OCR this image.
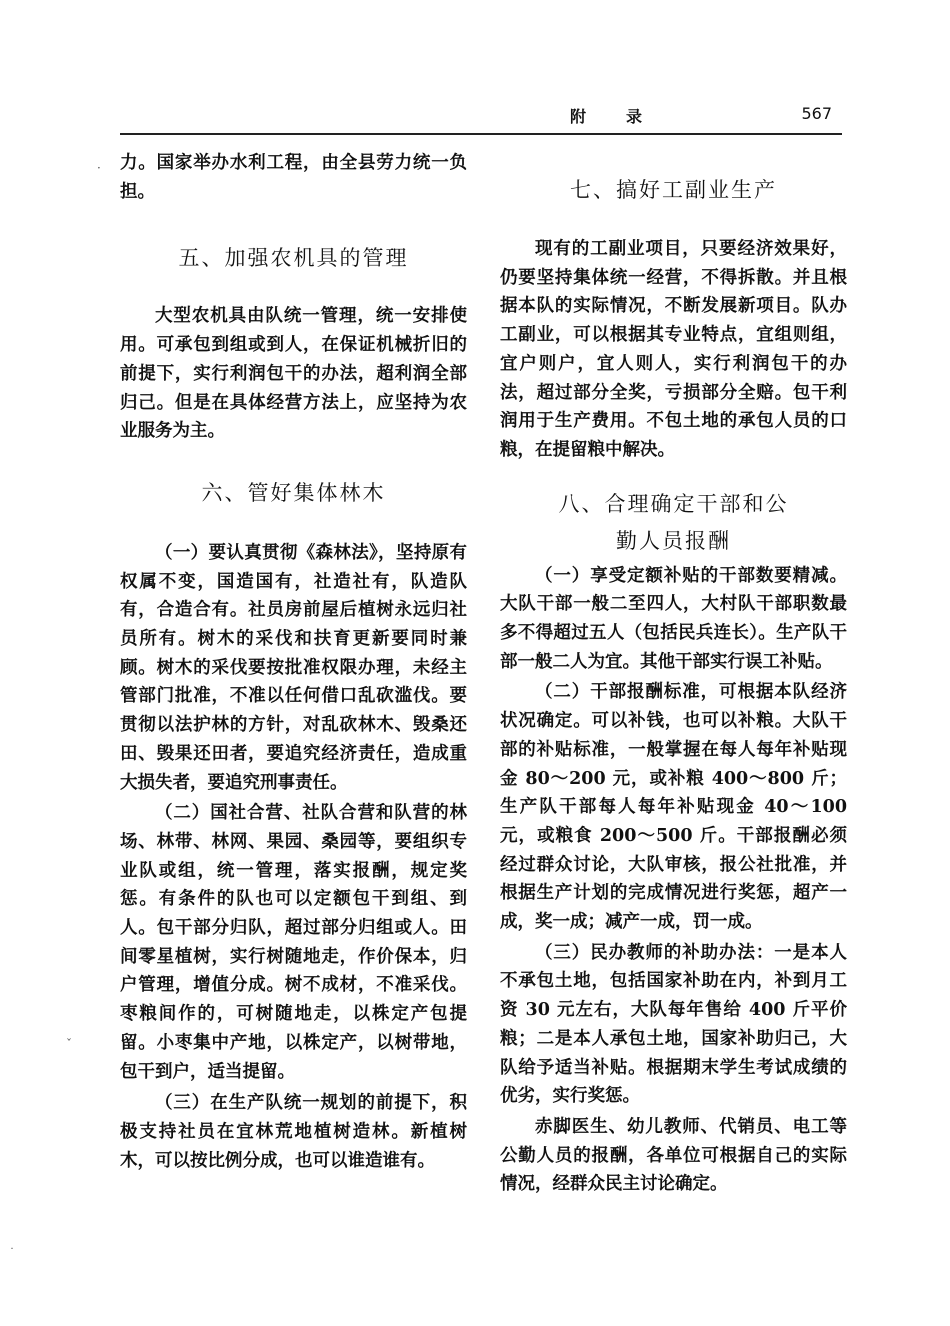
附录	567

力。国家举办水利工程，由全县劳力统一负担。

五、加强农机具的管理

大型农机具由队统一管理，统一安排使用。可承包到组或到人，在保证机械折旧的前提下，实行利润包干的办法，超利润全部归己。但是在具体经营方法上，应坚持为农业服务为主。

六、管好集体林木

（一）要认真贯彻《森林法》，坚持原有权属不变，国造国有，社造社有，队造队有，合造合有。社员房前屋后植树永远归社员所有。树木的采伐和扶育更新要同时兼顾。树木的采伐要按批准权限办理，未经主管部门批准，不准以任何借口乱砍滥伐。要贯彻以法护林的方针，对乱砍林木、毁桑还田、毁果还田者，要追究经济责任，造成重大损失者，要追究刑事责任。

（二）国社合营、社队合营和队营的林场、林带、林网、果园、桑园等，要组织专业队或组，统一管理，落实报酬，规定奖惩。有条件的队也可以定额包干到组、到人。包干部分归队，超过部分归组或人。田间零星植树，实行树随地走，作价保本，归户管理，增值分成。树不成材，不准采伐。枣粮间作的，可树随地走，以株定产包提留。小枣集中产地，以株定产，以树带地，包干到户，适当提留。

（三）在生产队统一规划的前提下，积极支持社员在宜林荒地植树造林。新植树木，可以按比例分成，也可以谁造谁有。

七、搞好工副业生产

现有的工副业项目，只要经济效果好，仍要坚持集体统一经营，不得拆散。并且根据本队的实际情况，不断发展新项目。队办工副业，可以根据其专业特点，宜组则组，宜户则户，宜人则人，实行利润包干的办法，超过部分全奖，亏损部分全赔。包干利润用于生产费用。不包土地的承包人员的口粮，在提留粮中解决。

八、合理确定干部和公
勤人员报酬

（一）享受定额补贴的干部数要精减。大队干部一般二至四人，大村队干部职数最多不得超过五人（包括民兵连长）。生产队干部一般二人为宜。其他干部实行误工补贴。

（二）干部报酬标准，可根据本队经济状况确定。可以补钱，也可以补粮。大队干部的补贴标准，一般掌握在每人每年补贴现金 80～200 元，或补粮 400～800 斤；生产队干部每人每年补贴现金 40～100 元，或粮食 200～500 斤。干部报酬必须经过群众讨论，大队审核，报公社批准，并根据生产计划的完成情况进行奖惩，超产一成，奖一成；减产一成，罚一成。

（三）民办教师的补助办法：一是本人不承包土地，包括国家补助在内，补到月工资 30 元左右，大队每年售给 400 斤平价粮；二是本人承包土地，国家补助归己，大队给予适当补贴。根据期末学生考试成绩的优劣，实行奖惩。

赤脚医生、幼儿教师、代销员、电工等公勤人员的报酬，各单位可根据自己的实际情况，经群众民主讨论确定。

·
ˇ
˙
